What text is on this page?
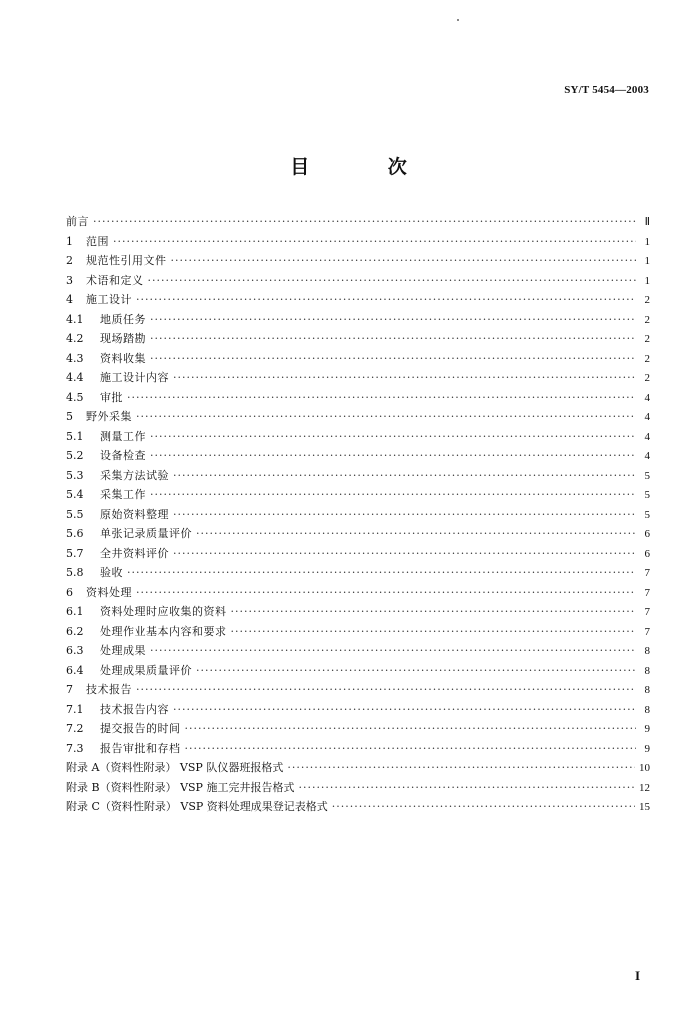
SY/T 5454—2003
目 次
前言 ·····	Ⅱ
1	范围 ·····	1
2	规范性引用文件 ·····	1
3	术语和定义 ·····	1
4	施工设计 ·····	2
4.1	地质任务 ·····	2
4.2	现场踏勘 ·····	2
4.3	资料收集 ·····	2
4.4	施工设计内容 ·····	2
4.5	审批 ·····	4
5	野外采集 ·····	4
5.1	测量工作 ·····	4
5.2	设备检查 ·····	4
5.3	采集方法试验 ·····	5
5.4	采集工作 ·····	5
5.5	原始资料整理 ·····	5
5.6	单张记录质量评价 ·····	6
5.7	全井资料评价 ·····	6
5.8	验收 ·····	7
6	资料处理 ·····	7
6.1	资料处理时应收集的资料 ·····	7
6.2	处理作业基本内容和要求 ·····	7
6.3	处理成果 ·····	8
6.4	处理成果质量评价 ·····	8
7	技术报告 ·····	8
7.1	技术报告内容 ·····	8
7.2	提交报告的时间 ·····	9
7.3	报告审批和存档 ·····	9
附录 A（资料性附录） VSP 队仪器班报格式 ·····	10
附录 B（资料性附录） VSP 施工完井报告格式 ·····	12
附录 C（资料性附录） VSP 资料处理成果登记表格式 ·····	15
I
